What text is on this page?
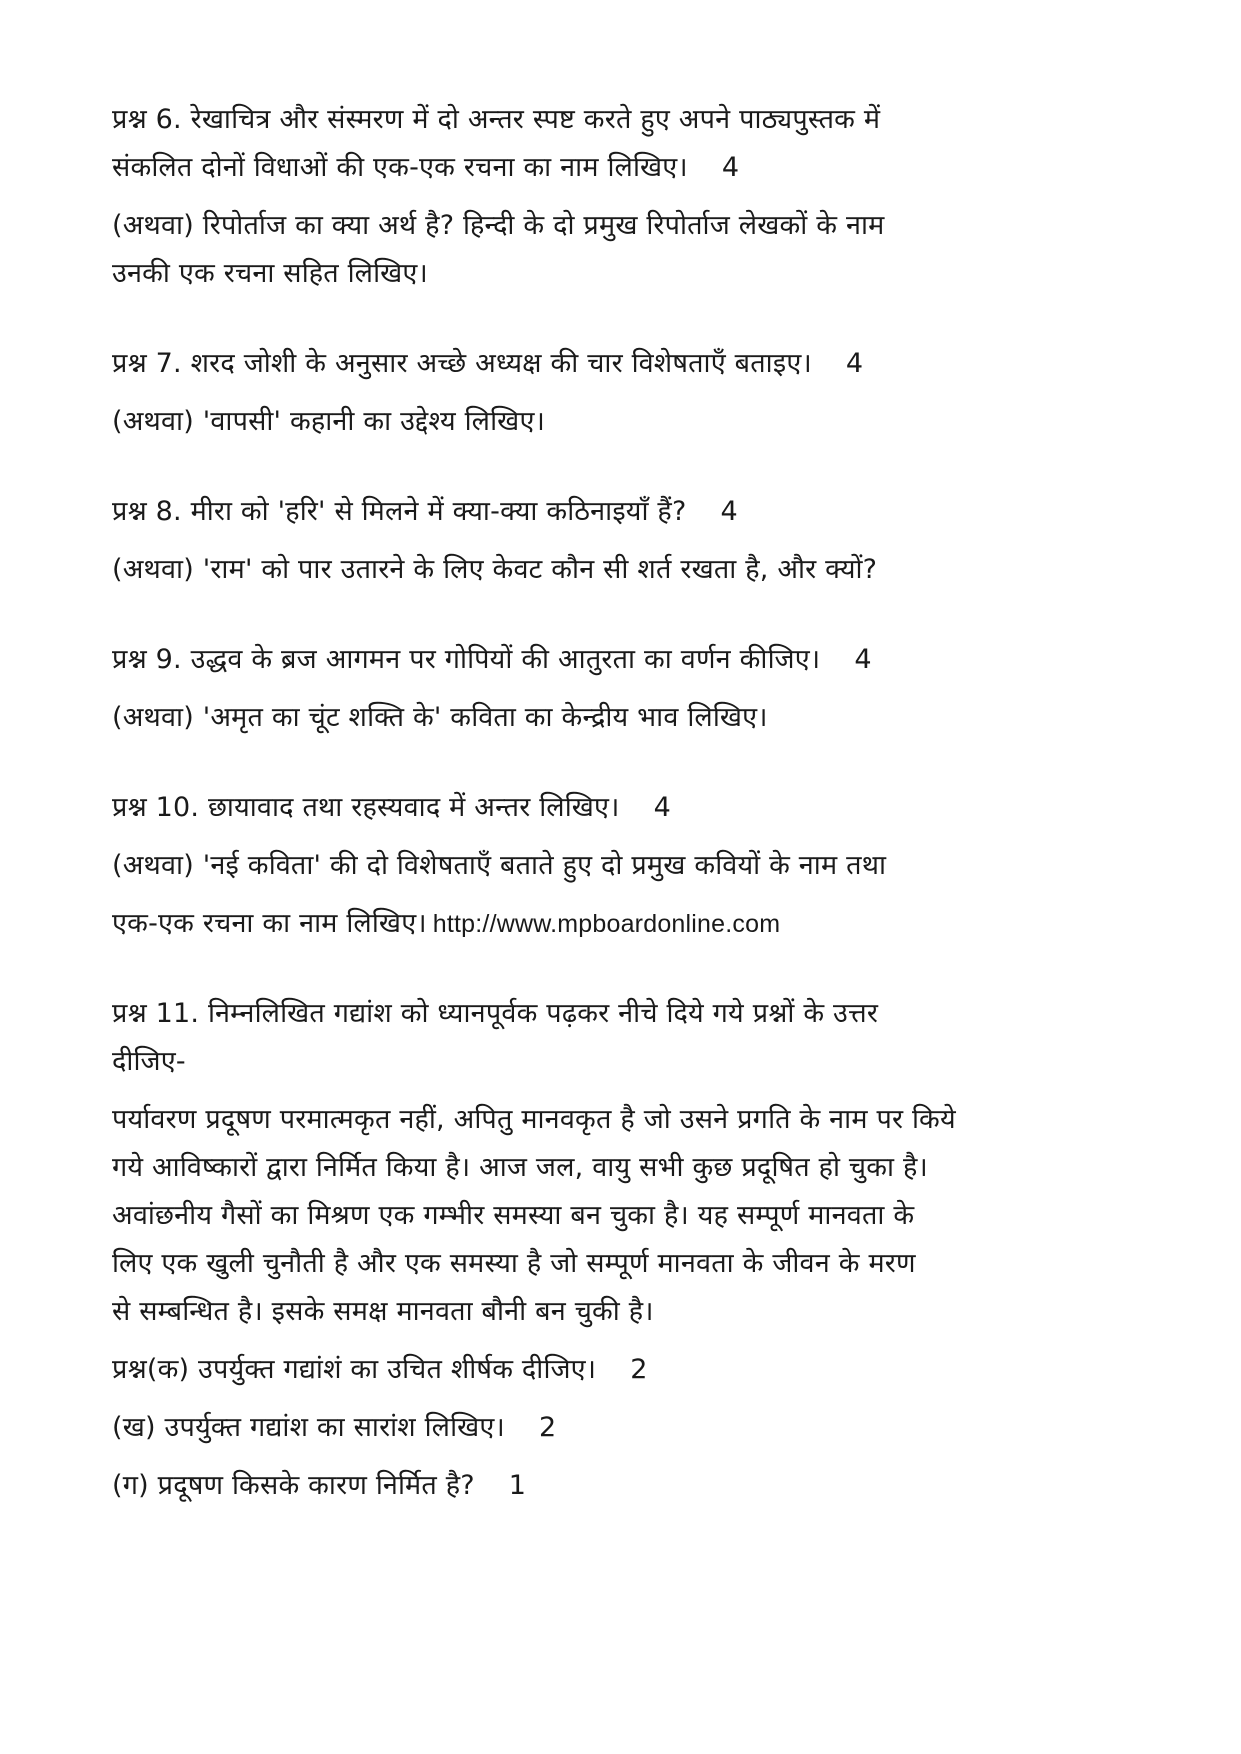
प्रश्न 6. रेखाचित्र और संस्मरण में दो अन्तर स्पष्ट करते हुए अपने पाठ्यपुस्तक में
संकलित दोनों विधाओं की एक-एक रचना का नाम लिखिए। 4
(अथवा) रिपोर्ताज का क्या अर्थ है? हिन्दी के दो प्रमुख रिपोर्ताज लेखकों के नाम
उनकी एक रचना सहित लिखिए।
प्रश्न 7. शरद जोशी के अनुसार अच्छे अध्यक्ष की चार विशेषताएँ बताइए। 4
(अथवा) 'वापसी' कहानी का उद्देश्य लिखिए।
प्रश्न 8. मीरा को 'हरि' से मिलने में क्या-क्या कठिनाइयाँ हैं? 4
(अथवा) 'राम' को पार उतारने के लिए केवट कौन सी शर्त रखता है, और क्यों?
प्रश्न 9. उद्धव के ब्रज आगमन पर गोपियों की आतुरता का वर्णन कीजिए। 4
(अथवा) 'अमृत का चूंट शक्ति के' कविता का केन्द्रीय भाव लिखिए।
प्रश्न 10. छायावाद तथा रहस्यवाद में अन्तर लिखिए। 4
(अथवा) 'नई कविता' की दो विशेषताएँ बताते हुए दो प्रमुख कवियों के नाम तथा
एक-एक रचना का नाम लिखिए। http://www.mpboardonline.com
प्रश्न 11. निम्नलिखित गद्यांश को ध्यानपूर्वक पढ़कर नीचे दिये गये प्रश्नों के उत्तर
दीजिए-
पर्यावरण प्रदूषण परमात्मकृत नहीं, अपितु मानवकृत है जो उसने प्रगति के नाम पर किये
गये आविष्कारों द्वारा निर्मित किया है। आज जल, वायु सभी कुछ प्रदूषित हो चुका है।
अवांछनीय गैसों का मिश्रण एक गम्भीर समस्या बन चुका है। यह सम्पूर्ण मानवता के
लिए एक खुली चुनौती है और एक समस्या है जो सम्पूर्ण मानवता के जीवन के मरण
से सम्बन्धित है। इसके समक्ष मानवता बौनी बन चुकी है।
प्रश्न(क) उपर्युक्त गद्यांशं का उचित शीर्षक दीजिए। 2
(ख) उपर्युक्त गद्यांश का सारांश लिखिए। 2
(ग) प्रदूषण किसके कारण निर्मित है? 1
